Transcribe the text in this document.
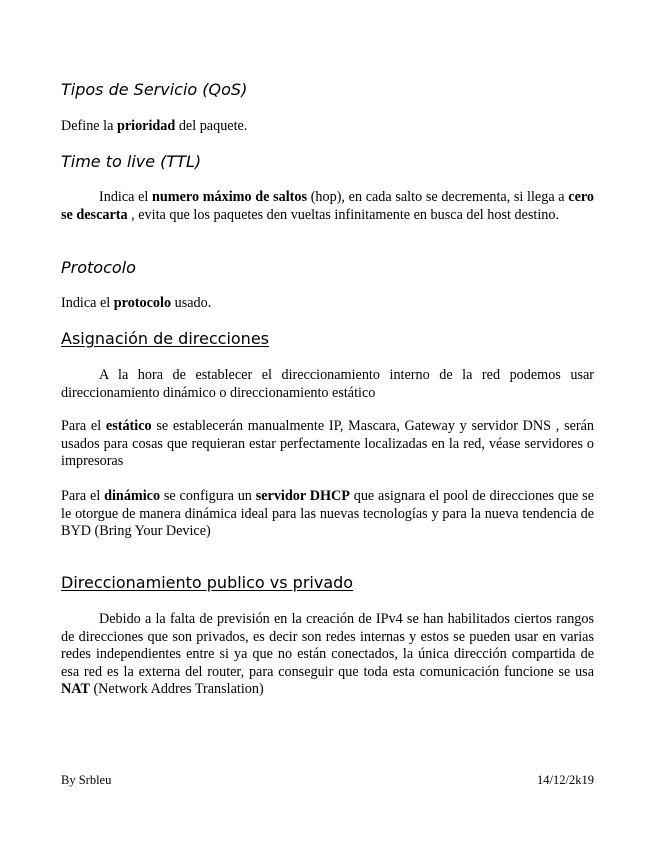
Tipos de Servicio (QoS)

Define la prioridad del paquete.

Time to live (TTL)

Indica el numero máximo de saltos (hop), en cada salto se decrementa, si llega a cero se descarta , evita que los paquetes den vueltas infinitamente en busca del host destino.

Protocolo

Indica el protocolo usado.

Asignación de direcciones

A la hora de establecer el direccionamiento interno de la red podemos usar direccionamiento dinámico o direccionamiento estático

Para el estático se establecerán manualmente IP, Mascara, Gateway y servidor DNS , serán usados para cosas que requieran estar perfectamente localizadas en la red, véase servidores o impresoras

Para el dinámico se configura un servidor DHCP que asignara el pool de direcciones que se le otorgue de manera dinámica ideal para las nuevas tecnologías y para la nueva tendencia de BYD (Bring Your Device)

Direccionamiento publico vs privado

Debido a la falta de previsión en la creación de IPv4 se han habilitados ciertos rangos de direcciones que son privados, es decir son redes internas y estos se pueden usar en varias redes independientes entre si ya que no están conectados, la única dirección compartida de esa red es la externa del router, para conseguir que toda esta comunicación funcione se usa NAT (Network Addres Translation)

By Srbleu	14/12/2k19
